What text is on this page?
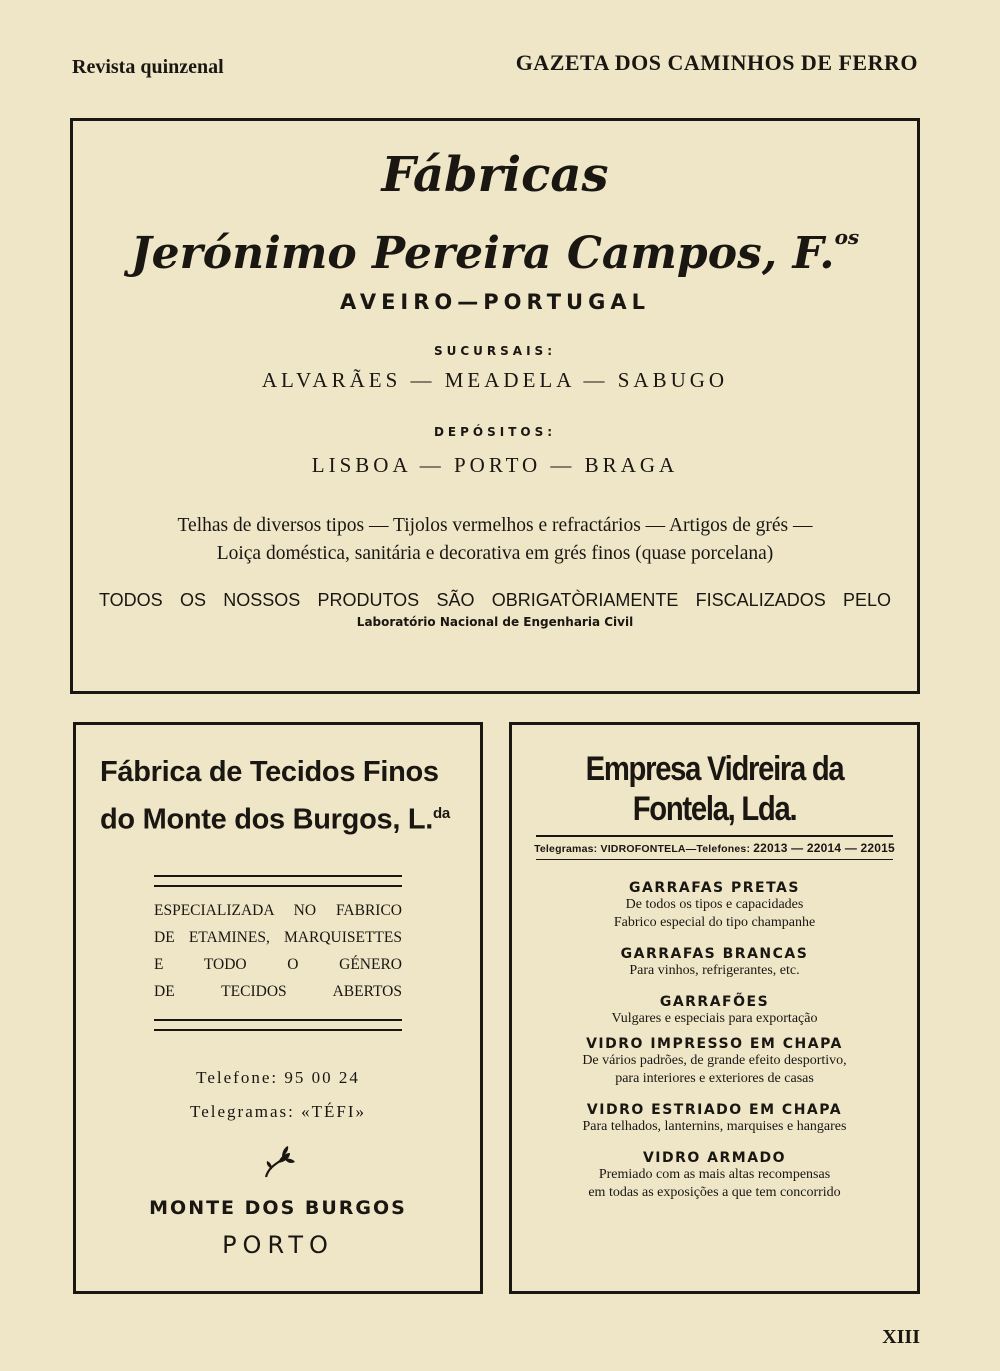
Revista quinzenal	GAZETA DOS CAMINHOS DE FERRO
Fábricas
Jerónimo Pereira Campos, F.$^{os}$
AVEIRO—PORTUGAL
SUCURSAIS:
ALVARÃES — MEADELA — SABUGO
DEPÓSITOS:
LISBOA — PORTO — BRAGA
Telhas de diversos tipos — Tijolos vermelhos e refractários — Artigos de grés —
Loiça doméstica, sanitária e decorativa em grés finos (quase porcelana)
TODOS OS NOSSOS PRODUTOS SÃO OBRIGATÒRIAMENTE FISCALIZADOS PELO
Laboratório Nacional de Engenharia Civil
Fábrica de Tecidos Finos
do Monte dos Burgos, L.$^{da}$
ESPECIALIZADA NO FABRICO
DE ETAMINES, MARQUISETTES
E TODO O GÉNERO
DE TECIDOS ABERTOS
Telefone: 95 00 24
Telegramas: «TÉFI»
MONTE DOS BURGOS
PORTO
Empresa Vidreira da Fontela, Lda.
Telegramas: VIDROFONTELA—Telefones: 22013 — 22014 — 22015
GARRAFAS PRETAS
De todos os tipos e capacidades
Fabrico especial do tipo champanhe
GARRAFAS BRANCAS
Para vinhos, refrigerantes, etc.
GARRAFÕES
Vulgares e especiais para exportação
VIDRO IMPRESSO EM CHAPA
De vários padrões, de grande efeito desportivo,
para interiores e exteriores de casas
VIDRO ESTRIADO EM CHAPA
Para telhados, lanternins, marquises e hangares
VIDRO ARMADO
Premiado com as mais altas recompensas
em todas as exposições a que tem concorrido
XIII
